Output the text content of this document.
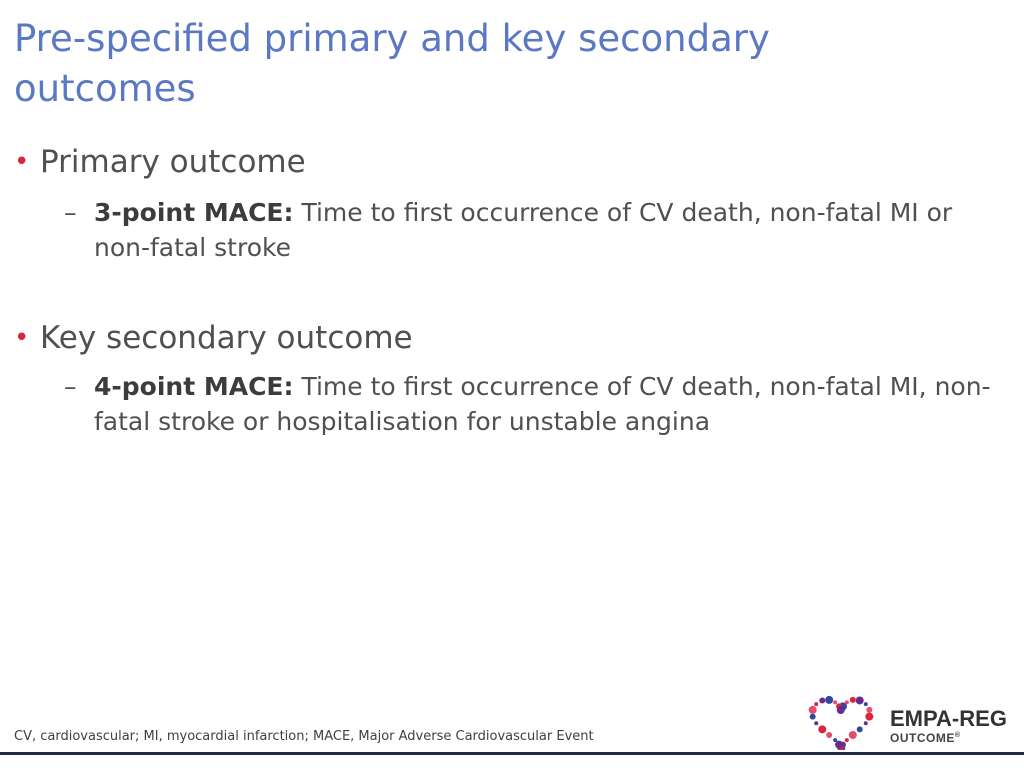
Pre-specified primary and key secondary outcomes
• Primary outcome
– 3-point MACE: Time to first occurrence of CV death, non-fatal MI or non-fatal stroke
• Key secondary outcome
– 4-point MACE: Time to first occurrence of CV death, non-fatal MI, non-fatal stroke or hospitalisation for unstable angina
CV, cardiovascular; MI, myocardial infarction; MACE, Major Adverse Cardiovascular Event
EMPA-REG
OUTCOME®
